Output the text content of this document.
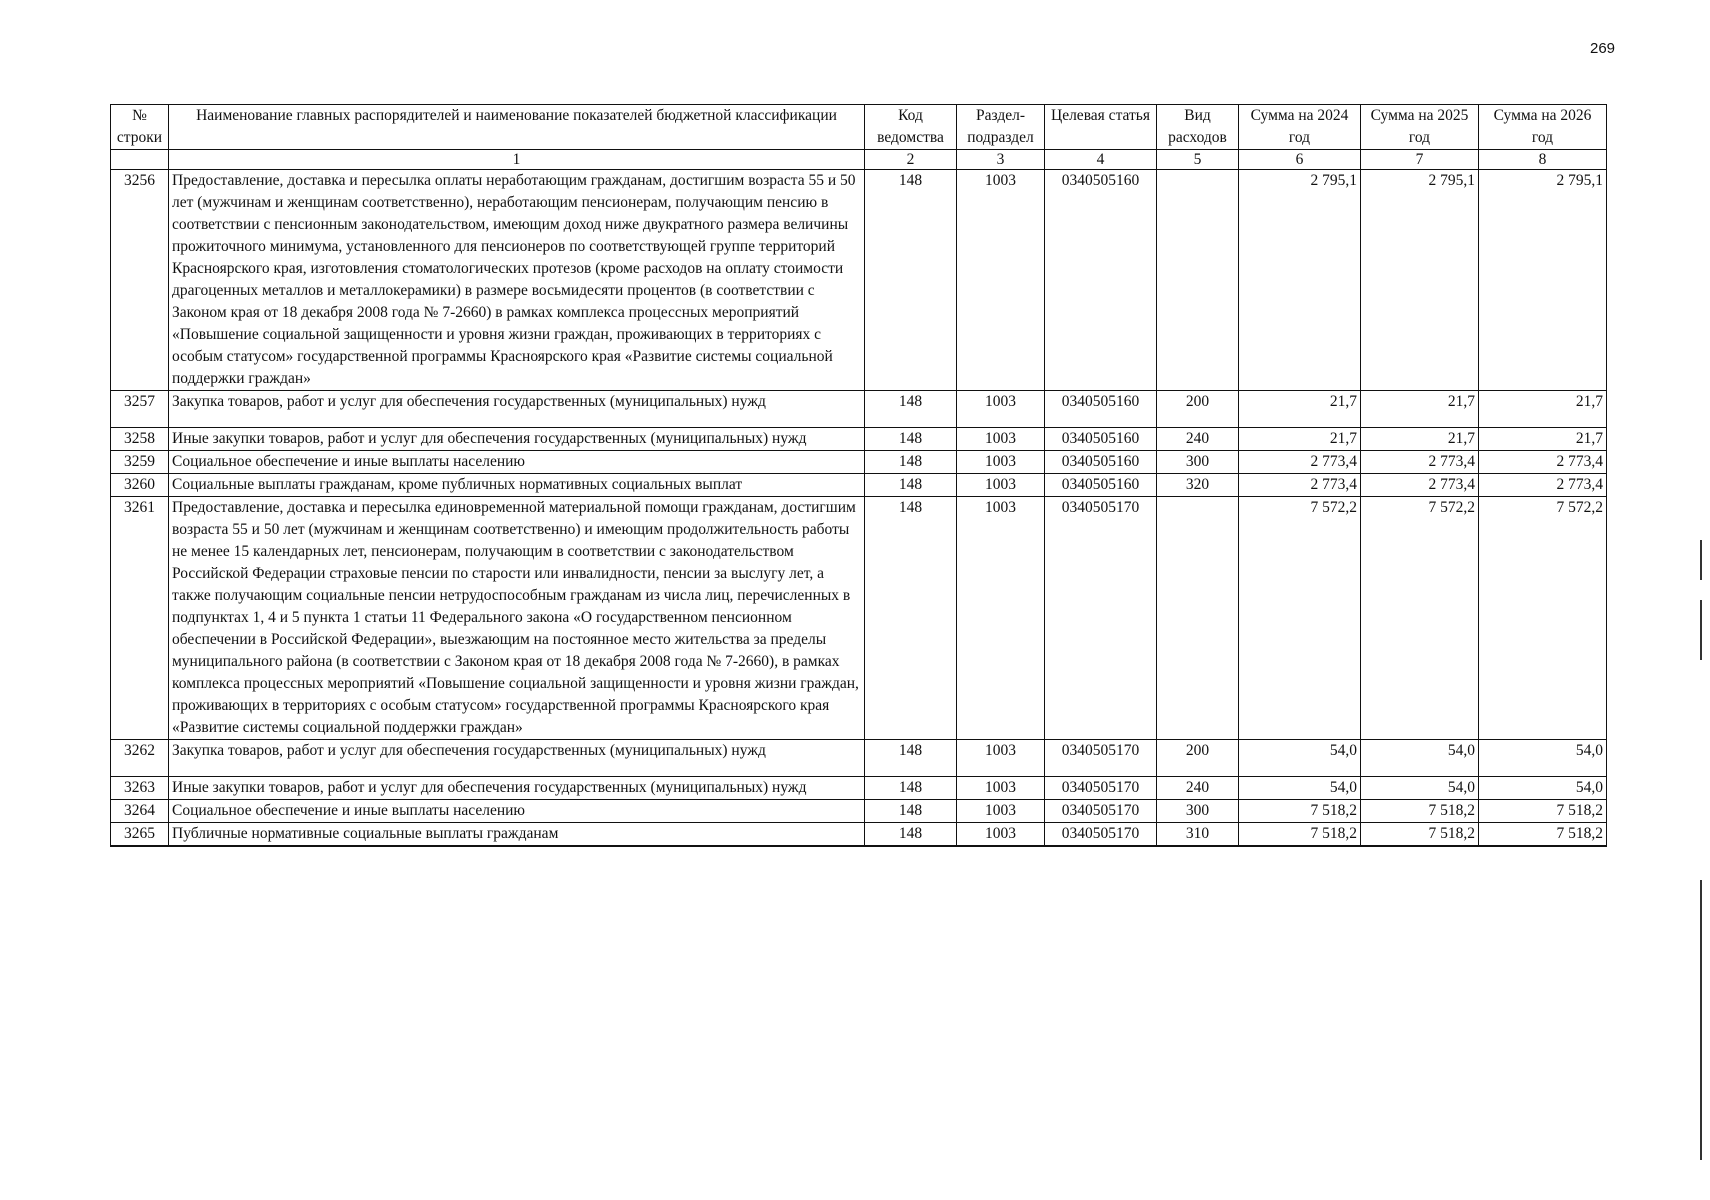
269
№ строки	Наименование главных распорядителей и наименование показателей бюджетной классификации	Код ведомства	Раздел-подраздел	Целевая статья	Вид расходов	Сумма на 2024 год	Сумма на 2025 год	Сумма на 2026 год
	1	2	3	4	5	6	7	8
3256	Предоставление, доставка и пересылка оплаты неработающим гражданам, достигшим возраста 55 и 50 лет (мужчинам и женщинам соответственно), неработающим пенсионерам, получающим пенсию в соответствии с пенсионным законодательством, имеющим доход ниже двукратного размера величины прожиточного минимума, установленного для пенсионеров по соответствующей группе территорий Красноярского края, изготовления стоматологических протезов (кроме расходов на оплату стоимости драгоценных металлов и металлокерамики) в размере восьмидесяти процентов (в соответствии с Законом края от 18 декабря 2008 года № 7-2660) в рамках комплекса процессных мероприятий «Повышение социальной защищенности и уровня жизни граждан, проживающих в территориях с особым статусом» государственной программы Красноярского края «Развитие системы социальной поддержки граждан»	148	1003	0340505160		2 795,1	2 795,1	2 795,1
3257	Закупка товаров, работ и услуг для обеспечения государственных (муниципальных) нужд	148	1003	0340505160	200	21,7	21,7	21,7
3258	Иные закупки товаров, работ и услуг для обеспечения государственных (муниципальных) нужд	148	1003	0340505160	240	21,7	21,7	21,7
3259	Социальное обеспечение и иные выплаты населению	148	1003	0340505160	300	2 773,4	2 773,4	2 773,4
3260	Социальные выплаты гражданам, кроме публичных нормативных социальных выплат	148	1003	0340505160	320	2 773,4	2 773,4	2 773,4
3261	Предоставление, доставка и пересылка единовременной материальной помощи гражданам, достигшим возраста 55 и 50 лет (мужчинам и женщинам соответственно) и имеющим продолжительность работы не менее 15 календарных лет, пенсионерам, получающим в соответствии с законодательством Российской Федерации страховые пенсии по старости или инвалидности, пенсии за выслугу лет, а также получающим социальные пенсии нетрудоспособным гражданам из числа лиц, перечисленных в подпунктах 1, 4 и 5 пункта 1 статьи 11 Федерального закона «О государственном пенсионном обеспечении в Российской Федерации», выезжающим на постоянное место жительства за пределы муниципального района (в соответствии с Законом края от 18 декабря 2008 года № 7-2660), в рамках комплекса процессных мероприятий «Повышение социальной защищенности и уровня жизни граждан, проживающих в территориях с особым статусом» государственной программы Красноярского края «Развитие системы социальной поддержки граждан»	148	1003	0340505170		7 572,2	7 572,2	7 572,2
3262	Закупка товаров, работ и услуг для обеспечения государственных (муниципальных) нужд	148	1003	0340505170	200	54,0	54,0	54,0
3263	Иные закупки товаров, работ и услуг для обеспечения государственных (муниципальных) нужд	148	1003	0340505170	240	54,0	54,0	54,0
3264	Социальное обеспечение и иные выплаты населению	148	1003	0340505170	300	7 518,2	7 518,2	7 518,2
3265	Публичные нормативные социальные выплаты гражданам	148	1003	0340505170	310	7 518,2	7 518,2	7 518,2
